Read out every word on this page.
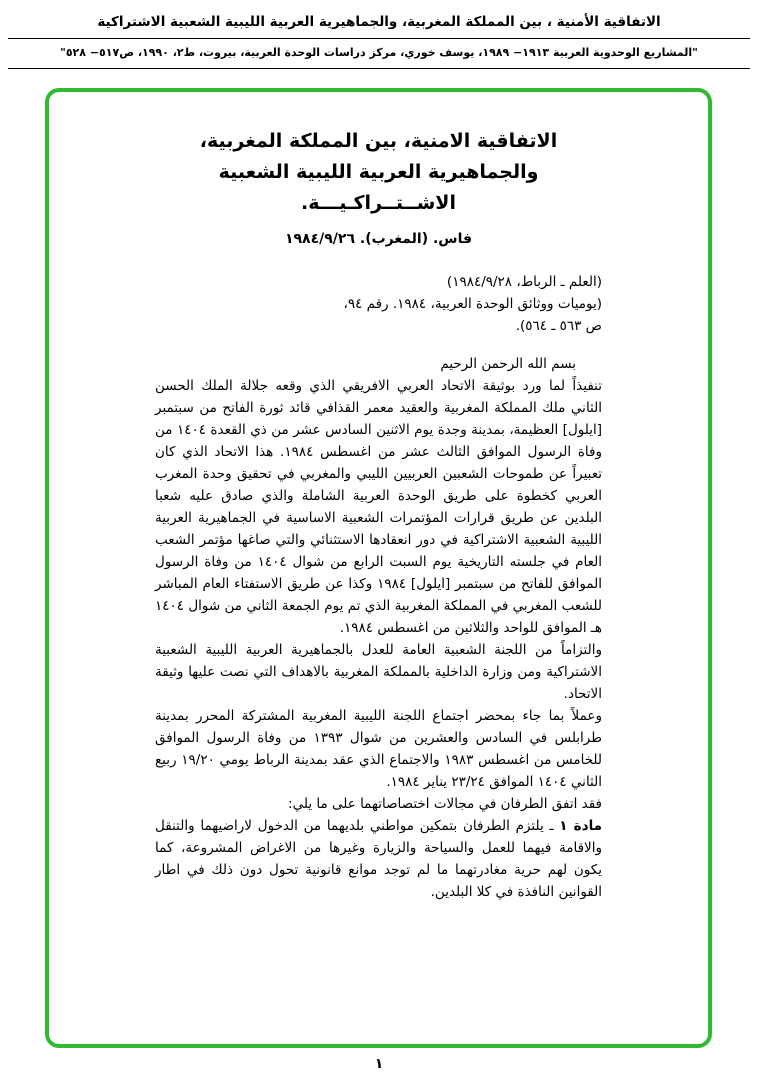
الاتفاقية الأمنية ، بين المملكة المغربية، والجماهيرية العربية الليبية الشعبية الاشتراكية
"المشاريع الوحدوية العربية ١٩١٣− ١٩٨٩، يوسف خوري، مركز دراسات الوحدة العربية، بيروت، ط٢، ١٩٩٠، ص٥١٧− ٥٢٨"
الاتفاقية الامنية، بين المملكة المغربية،
والجماهيرية العربية الليبية الشعبية
الاشــتــراكـيـــة.
فاس. (المغرب). ١٩٨٤/٩/٢٦
(العلم ـ الرباط، ١٩٨٤/٩/٢٨)
(يوميات ووثائق الوحدة العربية، ١٩٨٤. رقم ٩٤،
ص ٥٦٣ ـ ٥٦٤).
بسم الله الرحمن الرحيم
تنفيذاً لما ورد بوثيقة الاتحاد العربي الافريقي الذي وقعه جلالة الملك الحسن الثاني ملك المملكة المغربية والعقيد معمر القذافي قائد ثورة الفاتح من سبتمبر [ايلول] العظيمة، بمدينة وجدة يوم الاثنين السادس عشر من ذي القعدة ١٤٠٤ من وفاة الرسول الموافق الثالث عشر من اغسطس ١٩٨٤. هذا الاتحاد الذي كان تعبيراً عن طموحات الشعبين العربيين الليبي والمغربي في تحقيق وحدة المغرب العربي كخطوة على طريق الوحدة العربية الشاملة والذي صادق عليه شعبا البلدين عن طريق قرارات المؤتمرات الشعبية الاساسية في الجماهيرية العربية الليبية الشعبية الاشتراكية في دور انعقادها الاستثنائي والتي صاغها مؤتمر الشعب العام في جلسته التاريخية يوم السبت الرابع من شوال ١٤٠٤ من وفاة الرسول الموافق للفاتح من سبتمبر [ايلول] ١٩٨٤ وكذا عن طريق الاستفتاء العام المباشر للشعب المغربي في المملكة المغربية الذي تم يوم الجمعة الثاني من شوال ١٤٠٤ هـ الموافق للواحد والثلاثين من اغسطس ١٩٨٤.
والتزاماً من اللجنة الشعبية العامة للعدل بالجماهيرية العربية الليبية الشعبية الاشتراكية ومن وزارة الداخلية بالمملكة المغربية بالاهداف التي نصت عليها وثيقة الاتحاد.
وعملاً بما جاء بمحضر اجتماع اللجنة الليبية المغربية المشتركة المحرر بمدينة طرابلس في السادس والعشرين من شوال ١٣٩٣ من وفاة الرسول الموافق للخامس من اغسطس ١٩٨٣ والاجتماع الذي عقد بمدينة الرباط يومي ١٩/٢٠ ربيع الثاني ١٤٠٤ الموافق ٢٣/٢٤ يناير ١٩٨٤.
فقد اتفق الطرفان في مجالات اختصاصاتهما على ما يلي:
مادة ١ ـ يلتزم الطرفان بتمكين مواطني بلديهما من الدخول لاراضيهما والتنقل والاقامة فيهما للعمل والسياحة والزيارة وغيرها من الاغراض المشروعة، كما يكون لهم حرية مغادرتهما ما لم توجد موانع قانونية تحول دون ذلك في اطار القوانين النافذة في كلا البلدين.
١
